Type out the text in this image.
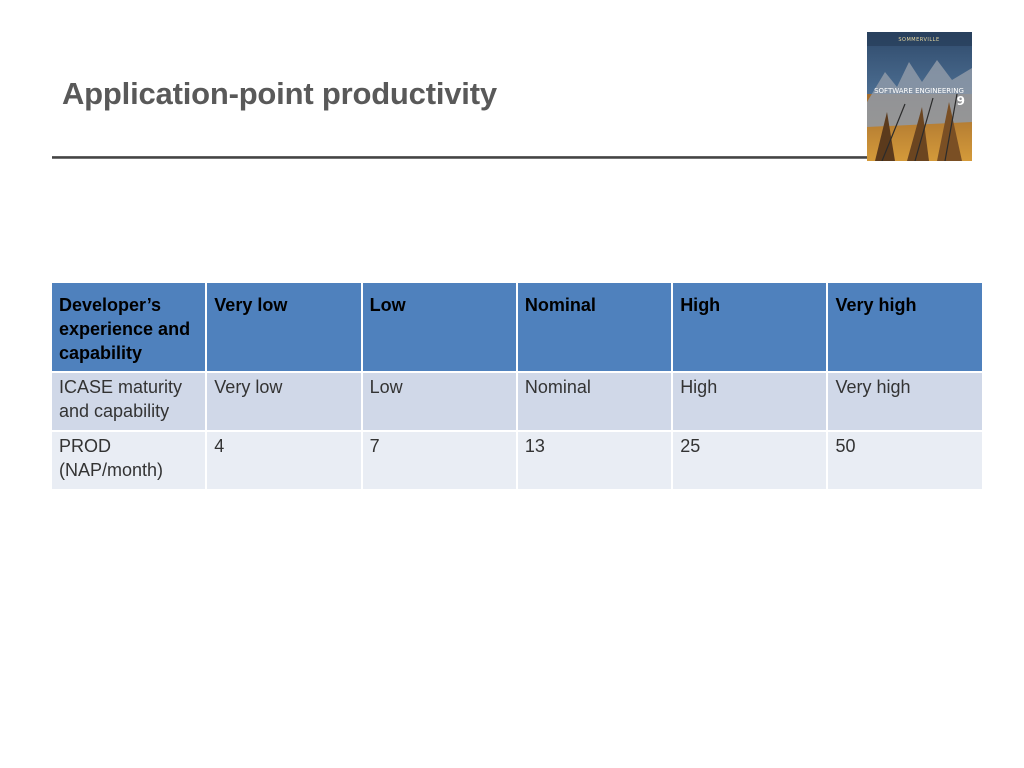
Application-point productivity
SOMMERVILLE
SOFTWARE ENGINEERING
9
Developer’s experience and capability	Very low	Low	Nominal	High	Very high
ICASE maturity and capability	Very low	Low	Nominal	High	Very high
PROD (NAP/month)	4	7	13	25	50
